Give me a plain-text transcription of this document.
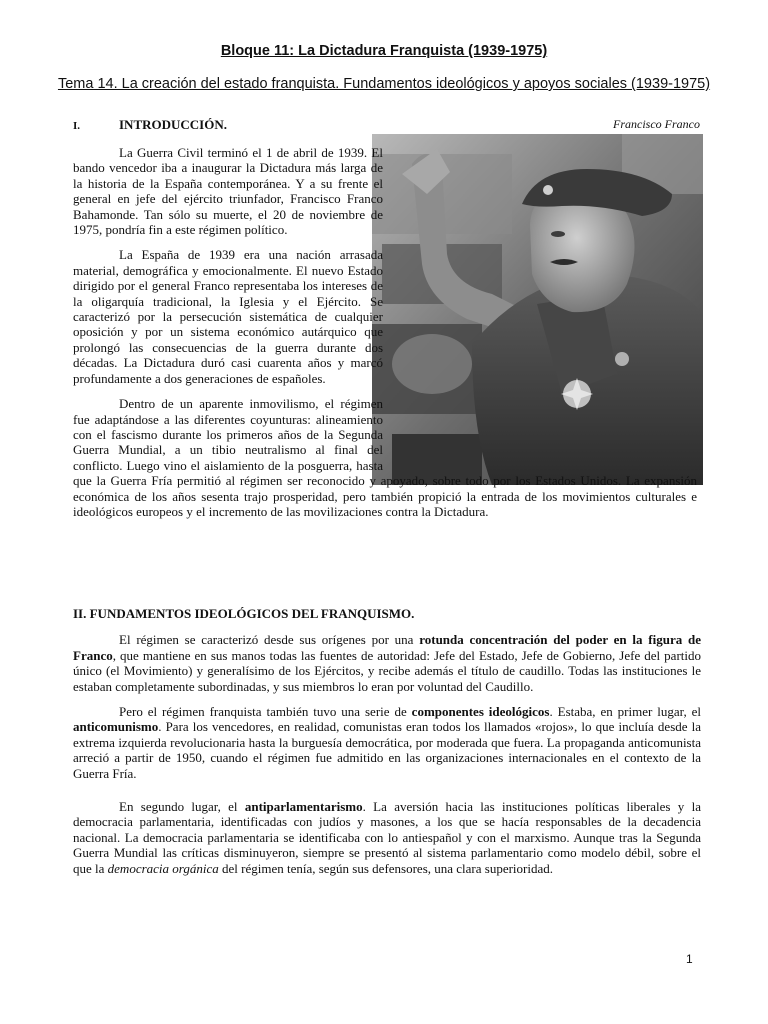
Bloque 11: La Dictadura Franquista (1939-1975)

Tema 14. La creación del estado franquista. Fundamentos ideológicos y apoyos sociales (1939-1975)

I.	INTRODUCCIÓN.	Francisco Franco

La Guerra Civil terminó el 1 de abril de 1939. El bando vencedor iba a inaugurar la Dictadura más larga de la historia de la España contemporánea. Y a su frente el general en jefe del ejército triunfador, Francisco Franco Bahamonde. Tan sólo su muerte, el 20 de noviembre de 1975, pondría fin a este régimen político.

La España de 1939 era una nación arrasada material, demográfica y emocionalmente. El nuevo Estado dirigido por el general Franco representaba los intereses de la oligarquía tradicional, la Iglesia y el Ejército. Se caracterizó por la persecución sistemática de cualquier oposición y por un sistema económico autárquico que prolongó las consecuencias de la guerra durante dos décadas. La Dictadura duró casi cuarenta años y marcó profundamente a dos generaciones de españoles.

Dentro de un aparente inmovilismo, el régimen fue adaptándose a las diferentes coyunturas: alineamiento con el fascismo durante los primeros años de la Segunda Guerra Mundial, a un tibio neutralismo al final del conflicto. Luego vino el aislamiento de la posguerra, hasta que la Guerra Fría permitió al régimen ser reconocido y apoyado, sobre todo por los Estados Unidos. La expansión económica de los años sesenta trajo prosperidad, pero también propició la entrada de los movimientos culturales e ideológicos europeos y el incremento de las movilizaciones contra la Dictadura.

II. FUNDAMENTOS IDEOLÓGICOS DEL FRANQUISMO.

El régimen se caracterizó desde sus orígenes por una rotunda concentración del poder en la figura de Franco, que mantiene en sus manos todas las fuentes de autoridad: Jefe del Estado, Jefe de Gobierno, Jefe del partido único (el Movimiento) y generalísimo de los Ejércitos, y recibe además el título de caudillo. Todas las instituciones le estaban completamente subordinadas, y sus miembros lo eran por voluntad del Caudillo.

Pero el régimen franquista también tuvo una serie de componentes ideológicos. Estaba, en primer lugar, el anticomunismo. Para los vencedores, en realidad, comunistas eran todos los llamados «rojos», lo que incluía desde la extrema izquierda revolucionaria hasta la burguesía democrática, por moderada que fuera. La propaganda anticomunista arreció a partir de 1950, cuando el régimen fue admitido en las organizaciones internacionales en el contexto de la Guerra Fría.

En segundo lugar, el antiparlamentarismo. La aversión hacia las instituciones políticas liberales y la democracia parlamentaria, identificadas con judíos y masones, a los que se hacía responsables de la decadencia nacional. La democracia parlamentaria se identificaba con lo antiespañol y con el marxismo. Aunque tras la Segunda Guerra Mundial las críticas disminuyeron, siempre se presentó al sistema parlamentario como modelo débil, sobre el que la democracia orgánica del régimen tenía, según sus defensores, una clara superioridad.

1
